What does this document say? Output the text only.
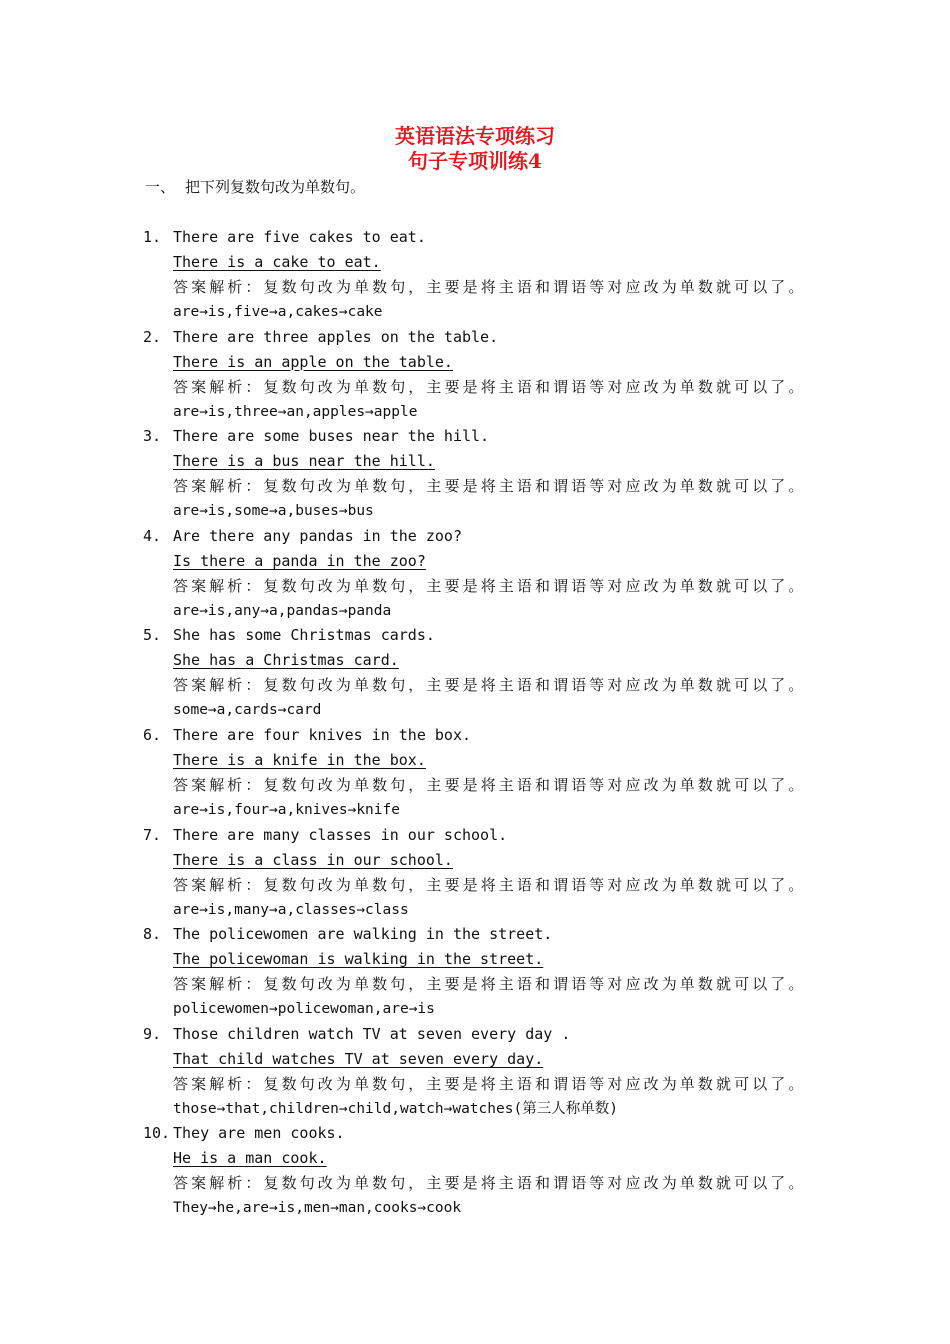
英语语法专项练习
句子专项训练4
一、 把下列复数句改为单数句。
1. There are five cakes to eat.
There is a cake to eat.
答案解析：复数句改为单数句，主要是将主语和谓语等对应改为单数就可以了。
are→is,five→a,cakes→cake
2. There are three apples on the table.
There is an apple on the table.
答案解析：复数句改为单数句，主要是将主语和谓语等对应改为单数就可以了。
are→is,three→an,apples→apple
3. There are some buses near the hill.
There is a bus near the hill.
答案解析：复数句改为单数句，主要是将主语和谓语等对应改为单数就可以了。
are→is,some→a,buses→bus
4. Are there any pandas in the zoo?
Is there a panda in the zoo?
答案解析：复数句改为单数句，主要是将主语和谓语等对应改为单数就可以了。
are→is,any→a,pandas→panda
5. She has some Christmas cards.
She has a Christmas card.
答案解析：复数句改为单数句，主要是将主语和谓语等对应改为单数就可以了。
some→a,cards→card
6. There are four knives in the box.
There is a knife in the box.
答案解析：复数句改为单数句，主要是将主语和谓语等对应改为单数就可以了。
are→is,four→a,knives→knife
7. There are many classes in our school.
There is a class in our school.
答案解析：复数句改为单数句，主要是将主语和谓语等对应改为单数就可以了。
are→is,many→a,classes→class
8. The policewomen are walking in the street.
The policewoman is walking in the street.
答案解析：复数句改为单数句，主要是将主语和谓语等对应改为单数就可以了。
policewomen→policewoman,are→is
9. Those children watch TV at seven every day .
That child watches TV at seven every day.
答案解析：复数句改为单数句，主要是将主语和谓语等对应改为单数就可以了。
those→that,children→child,watch→watches(第三人称单数)
10. They are men cooks.
He is a man cook.
答案解析：复数句改为单数句，主要是将主语和谓语等对应改为单数就可以了。
They→he,are→is,men→man,cooks→cook
